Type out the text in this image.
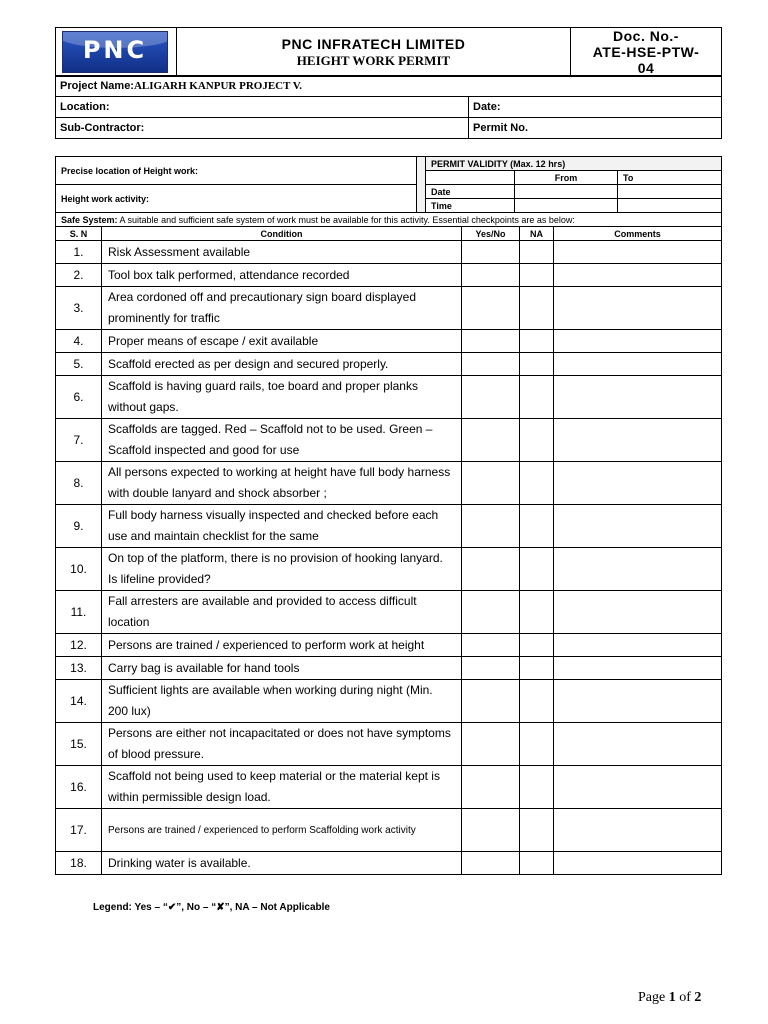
PNC	PNC INFRATECH LIMITED
HEIGHT WORK PERMIT

Doc. No.-
ATE-HSE-PTW-
04
Project Name:ALIGARH KANPUR PROJECT V.	
Location:	Date:
Sub-Contractor:	Permit No.
Precise location of Height work:		PERMIT VALIDITY (Max. 12 hrs)		
			From	To
Height work activity:		Date		
		Time		
Safe System: A suitable and sufficient safe system of work must be available for this activity. Essential checkpoints are as below:				
S. N	Condition	Yes/No	NA	Comments
1.	Risk Assessment available			
2.	Tool box talk performed, attendance recorded			
3.	Area cordoned off and precautionary sign board displayed prominently for traffic			
4.	Proper means of escape / exit available			
5.	Scaffold erected as per design and secured properly.			
6.	Scaffold is having guard rails, toe board and proper planks without gaps.			
7.	Scaffolds are tagged. Red – Scaffold not to be used. Green – Scaffold inspected and good for use			
8.	All persons expected to working at height have full body harness with double lanyard and shock absorber ;			
9.	Full body harness visually inspected and checked before each use and maintain checklist for the same			
10.	On top of the platform, there is no provision of hooking lanyard. Is lifeline provided?			
11.	Fall arresters are available and provided to access difficult location			
12.	Persons are trained / experienced to perform work at height			
13.	Carry bag is available for hand tools			
14.	Sufficient lights are available when working during night (Min. 200 lux)			
15.	Persons are either not incapacitated or does not have symptoms of blood pressure.			
16.	Scaffold not being used to keep material or the material kept is within permissible design load.			
17.	Persons are trained / experienced to perform Scaffolding work activity			
18.	Drinking water is available.			
Legend: Yes – “✔”, No – “✘”, NA – Not Applicable
Page 1 of 2
